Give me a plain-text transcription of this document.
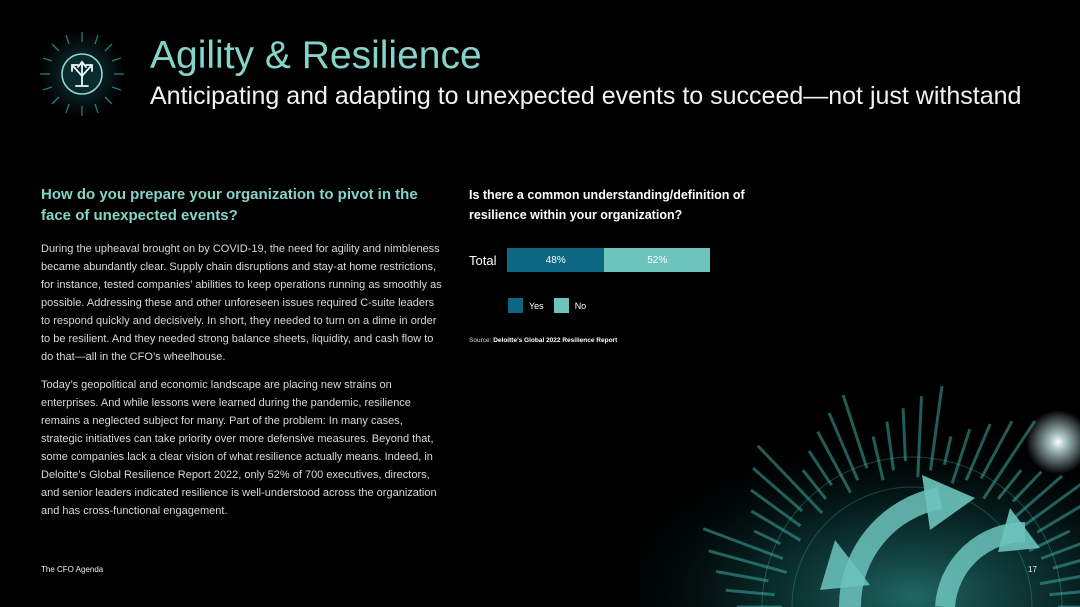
Agility & Resilience
Anticipating and adapting to unexpected events to succeed—not just withstand
How do you prepare your organization to pivot in the face of unexpected events?

During the upheaval brought on by COVID-19, the need for agility and nimbleness became abundantly clear. Supply chain disruptions and stay-at home restrictions, for instance, tested companies’ abilities to keep operations running as smoothly as possible. Addressing these and other unforeseen issues required C-suite leaders to respond quickly and decisively. In short, they needed to turn on a dime in order to be resilient. And they needed strong balance sheets, liquidity, and cash flow to do that—all in the CFO’s wheelhouse.

Today’s geopolitical and economic landscape are placing new strains on enterprises. And while lessons were learned during the pandemic, resilience remains a neglected subject for many. Part of the problem: In many cases, strategic initiatives can take priority over more defensive measures. Beyond that, some companies lack a clear vision of what resilience actually means. Indeed, in Deloitte’s Global Resilience Report 2022, only 52% of 700 executives, directors, and senior leaders indicated resilience is well-understood across the organization and has cross-functional engagement.

Is there a common understanding/definition of resilience within your organization?

Total	48%	52%
Yes	No
Source: Deloitte’s Global 2022 Resilience Report
The CFO Agenda	17
